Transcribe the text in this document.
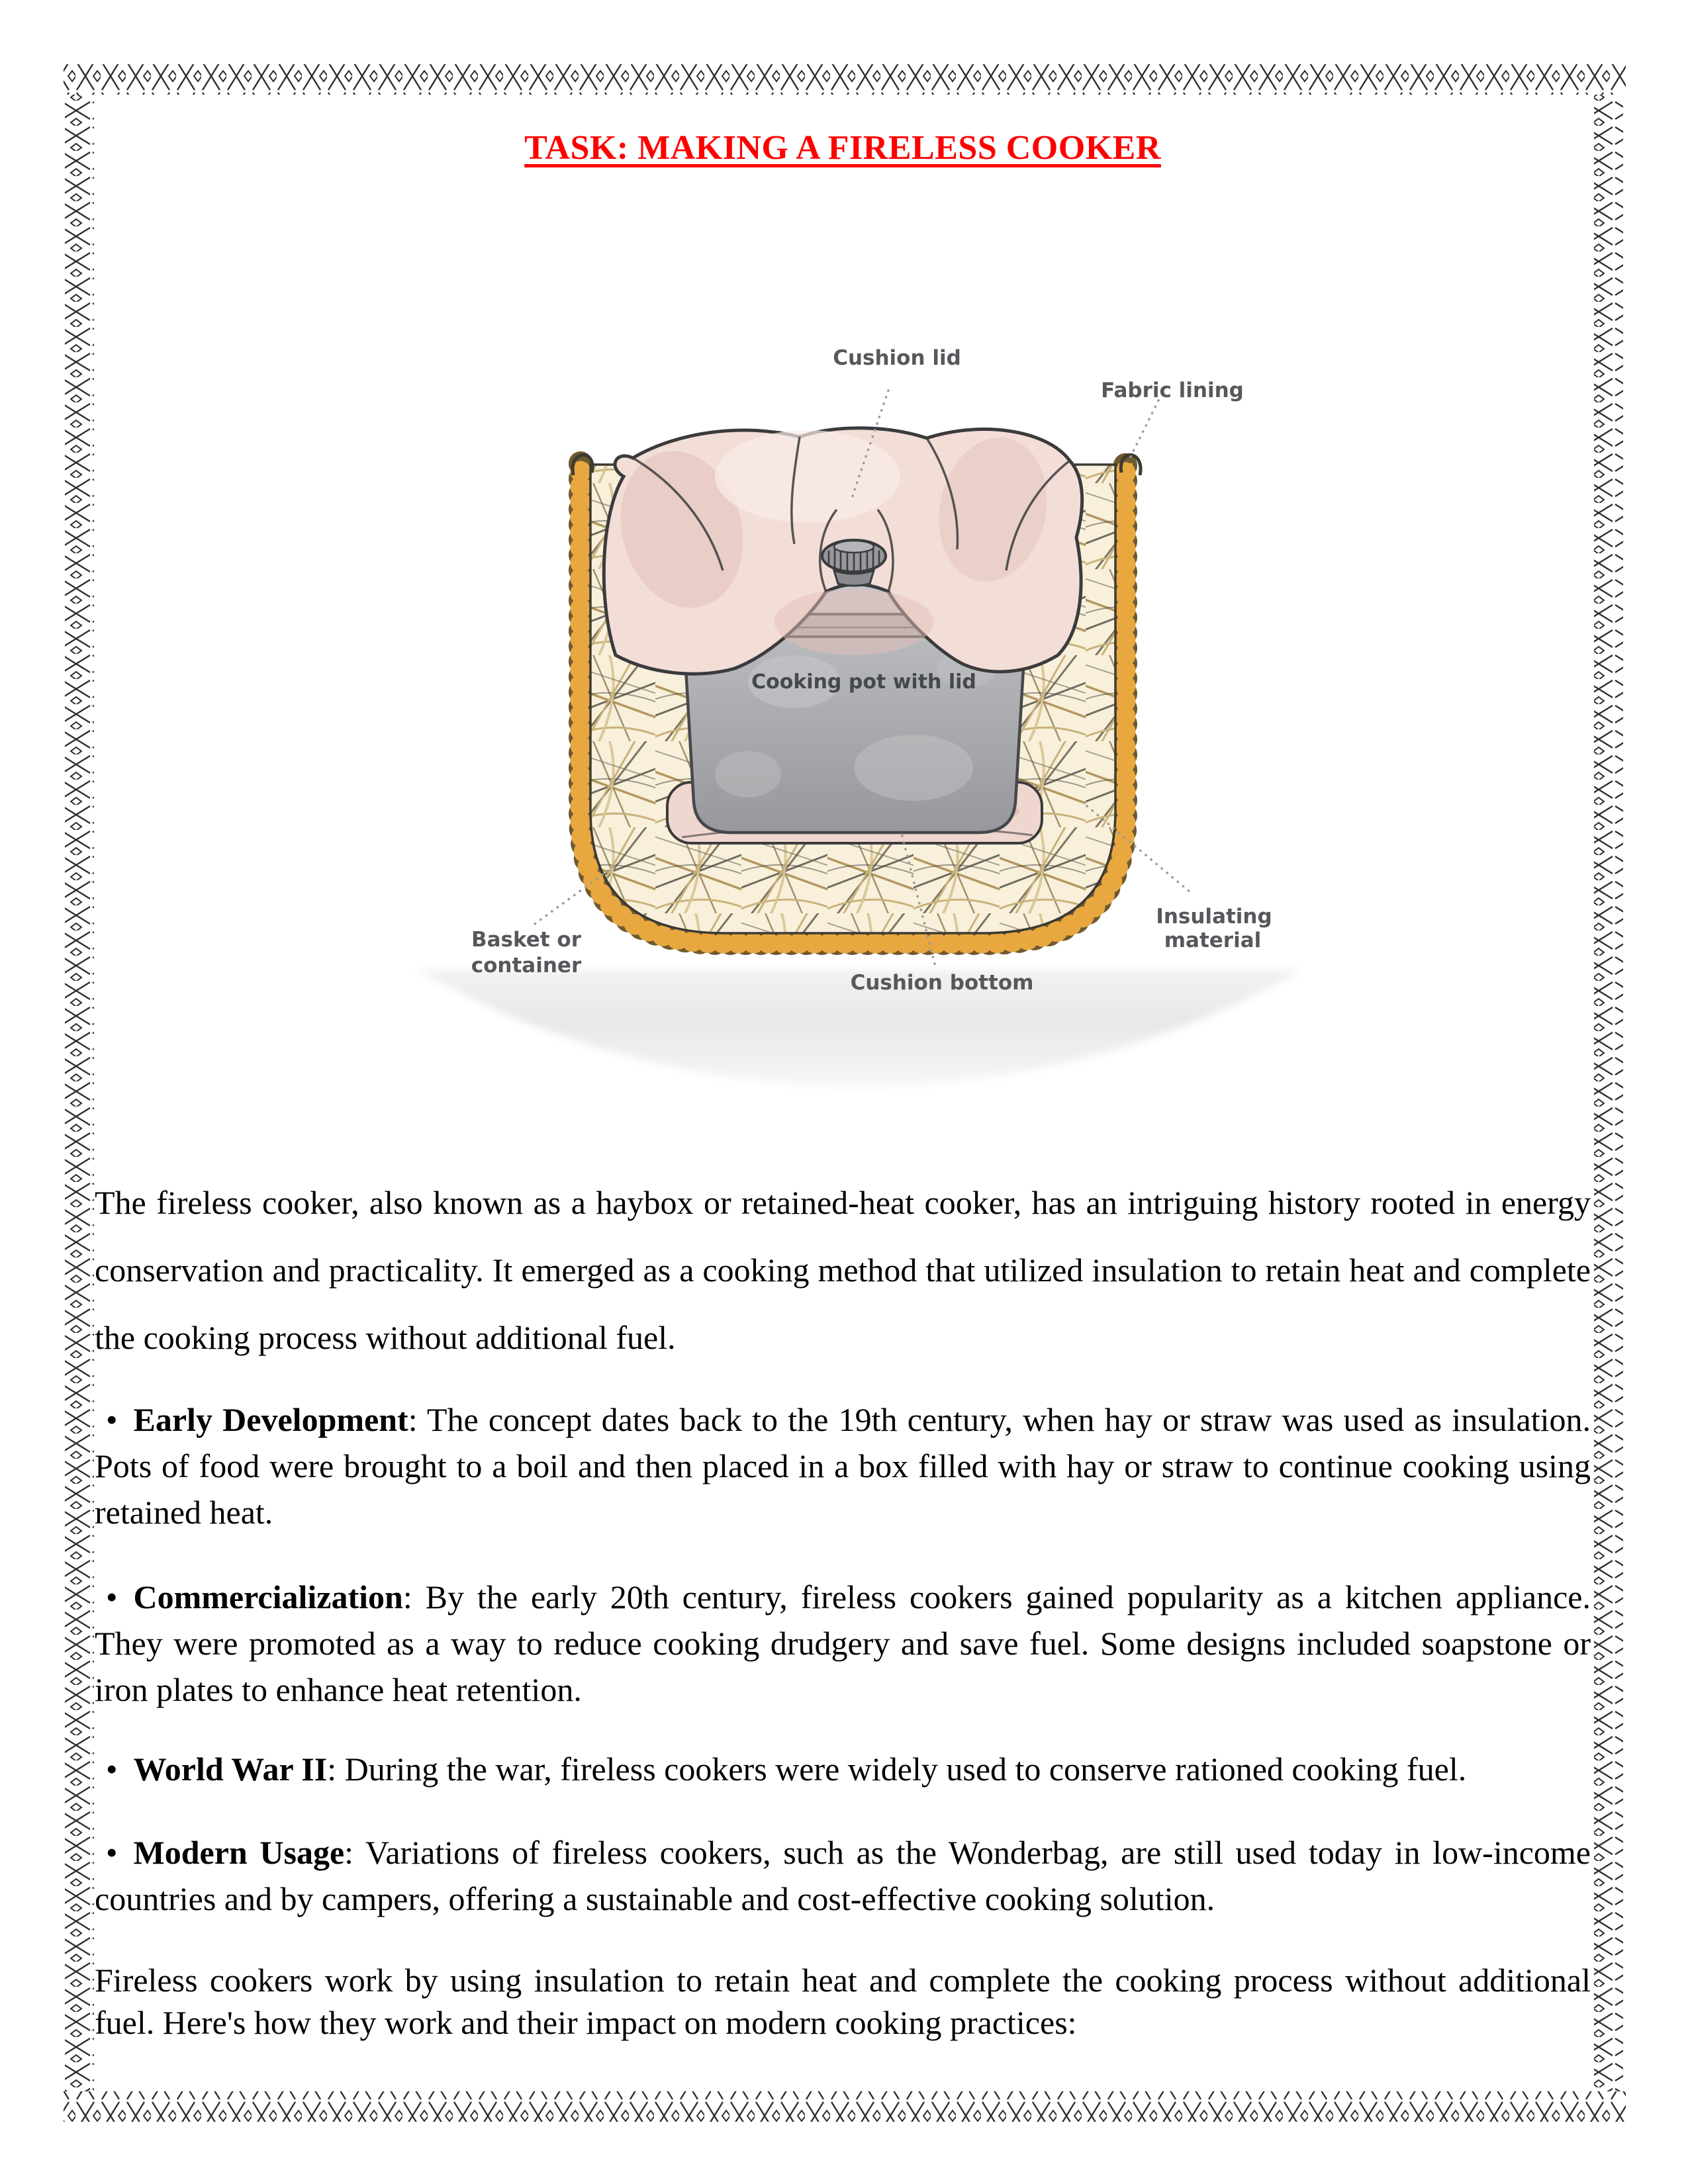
TASK: MAKING A FIRELESS COOKER
Cushion lid
Fabric lining
Cooking pot with lid
Basket or
container
Cushion bottom
Insulating
material

The fireless cooker, also known as a haybox or retained-heat cooker, has an intriguing history rooted in energy conservation and practicality. It emerged as a cooking method that utilized insulation to retain heat and complete the cooking process without additional fuel.

• Early Development: The concept dates back to the 19th century, when hay or straw was used as insulation. Pots of food were brought to a boil and then placed in a box filled with hay or straw to continue cooking using retained heat.

• Commercialization: By the early 20th century, fireless cookers gained popularity as a kitchen appliance. They were promoted as a way to reduce cooking drudgery and save fuel. Some designs included soapstone or iron plates to enhance heat retention.

• World War II: During the war, fireless cookers were widely used to conserve rationed cooking fuel.

• Modern Usage: Variations of fireless cookers, such as the Wonderbag, are still used today in low-income countries and by campers, offering a sustainable and cost-effective cooking solution.

Fireless cookers work by using insulation to retain heat and complete the cooking process without additional fuel. Here's how they work and their impact on modern cooking practices:
